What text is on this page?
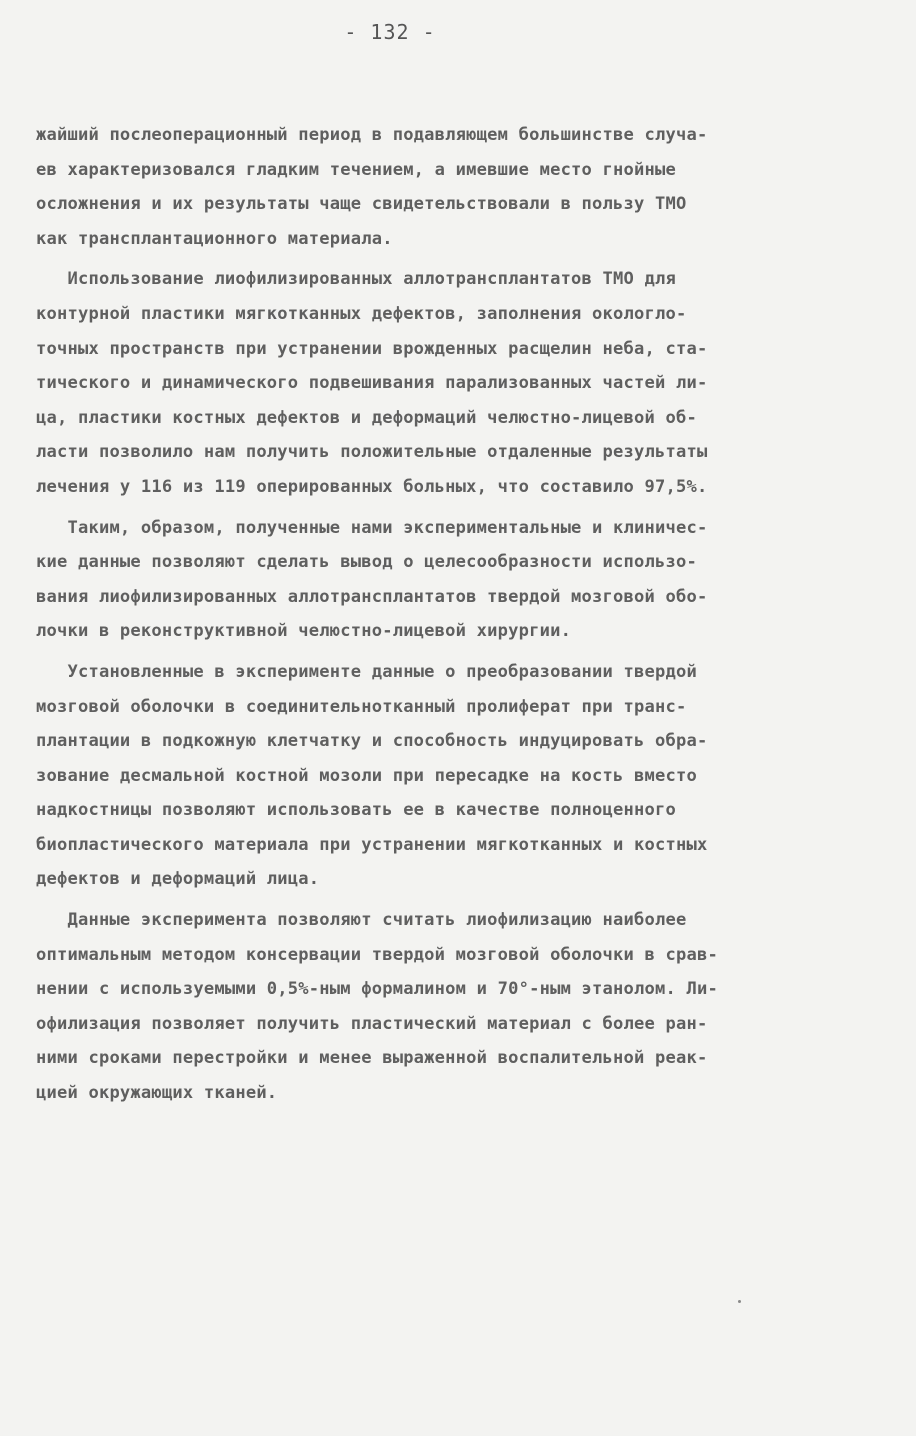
- 132 -
жайший послеоперационный период в подавляющем большинстве случа-
ев характеризовался гладким течением, а имевшие место гнойные
осложнения и их результаты чаще свидетельствовали в пользу ТМО
как трансплантационного материала.
Использование лиофилизированных аллотрансплантатов ТМО для
контурной пластики мягкотканных дефектов, заполнения окологло-
точных пространств при устранении врожденных расщелин неба, ста-
тического и динамического подвешивания парализованных частей ли-
ца, пластики костных дефектов и деформаций челюстно-лицевой об-
ласти позволило нам получить положительные отдаленные результаты
лечения у 116 из 119 оперированных больных, что составило 97,5%.
Таким, образом, полученные нами экспериментальные и клиничес-
кие данные позволяют сделать вывод о целесообразности использо-
вания лиофилизированных аллотрансплантатов твердой мозговой обо-
лочки в реконструктивной челюстно-лицевой хирургии.
Установленные в эксперименте данные о преобразовании твердой
мозговой оболочки в соединительнотканный пролиферат при транс-
плантации в подкожную клетчатку и способность индуцировать обра-
зование десмальной костной мозоли при пересадке на кость вместо
надкостницы позволяют использовать ее в качестве полноценного
биопластического материала при устранении мягкотканных и костных
дефектов и деформаций лица.
Данные эксперимента позволяют считать лиофилизацию наиболее
оптимальным методом консервации твердой мозговой оболочки в срав-
нении с используемыми 0,5%-ным формалином и 70°-ным этанолом. Ли-
офилизация позволяет получить пластический материал с более ран-
ними сроками перестройки и менее выраженной воспалительной реак-
цией окружающих тканей.
